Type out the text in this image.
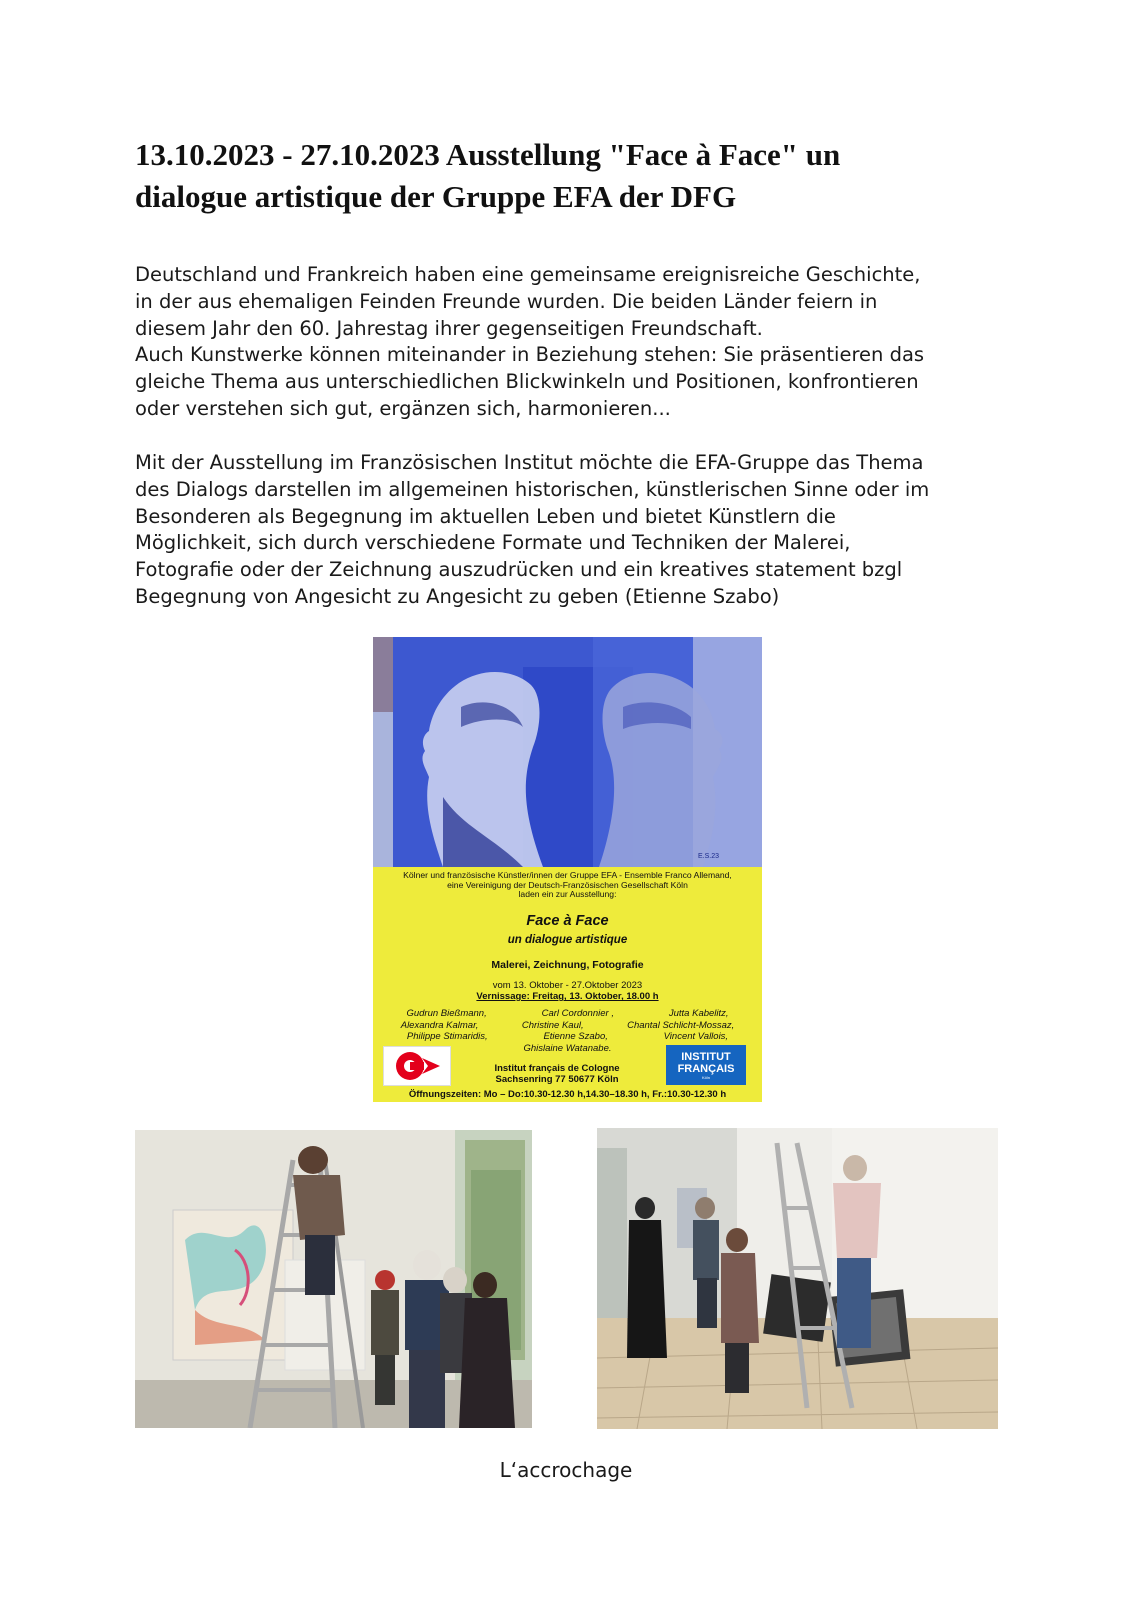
13.10.2023 - 27.10.2023 Ausstellung "Face à Face" un
dialogue artistique der Gruppe EFA der DFG
Deutschland und Frankreich haben eine gemeinsame ereignisreiche Geschichte,
in der aus ehemaligen Feinden Freunde wurden. Die beiden Länder feiern in
diesem Jahr den 60. Jahrestag ihrer gegenseitigen Freundschaft.
Auch Kunstwerke können miteinander in Beziehung stehen: Sie präsentieren das
gleiche Thema aus unterschiedlichen Blickwinkeln und Positionen, konfrontieren
oder verstehen sich gut, ergänzen sich, harmonieren...
Mit der Ausstellung im Französischen Institut möchte die EFA-Gruppe das Thema
des Dialogs darstellen im allgemeinen historischen, künstlerischen Sinne oder im
Besonderen als Begegnung im aktuellen Leben und bietet Künstlern die
Möglichkeit, sich durch verschiedene Formate und Techniken der Malerei,
Fotografie oder der Zeichnung auszudrücken und ein kreatives statement bzgl
Begegnung von Angesicht zu Angesicht zu geben (Etienne Szabo)
E.S.23
Kölner und französische Künstler/innen der Gruppe EFA - Ensemble Franco Allemand,
eine Vereinigung der Deutsch-Französischen Gesellschaft Köln
laden ein zur Ausstellung:
Face à Face
un dialogue artistique
Malerei, Zeichnung, Fotografie
vom 13. Oktober - 27.Oktober 2023
Vernissage: Freitag, 13. Oktober, 18.00 h
Gudrun Bießmann,	Carl Cordonnier ,	Jutta Kabelitz,
Alexandra Kalmar,	Christine Kaul,	Chantal Schlicht-Mossaz,
Philippe Stimaridis,	Etienne Szabo,	Vincent Vallois,
Ghislaine Watanabe.
Institut français de Cologne
Sachsenring 77 50677 Köln
INSTITUT
FRANÇAIS
Köln
Öffnungszeiten: Mo – Do:10.30-12.30 h,14.30–18.30 h, Fr.:10.30-12.30 h
L‘accrochage
